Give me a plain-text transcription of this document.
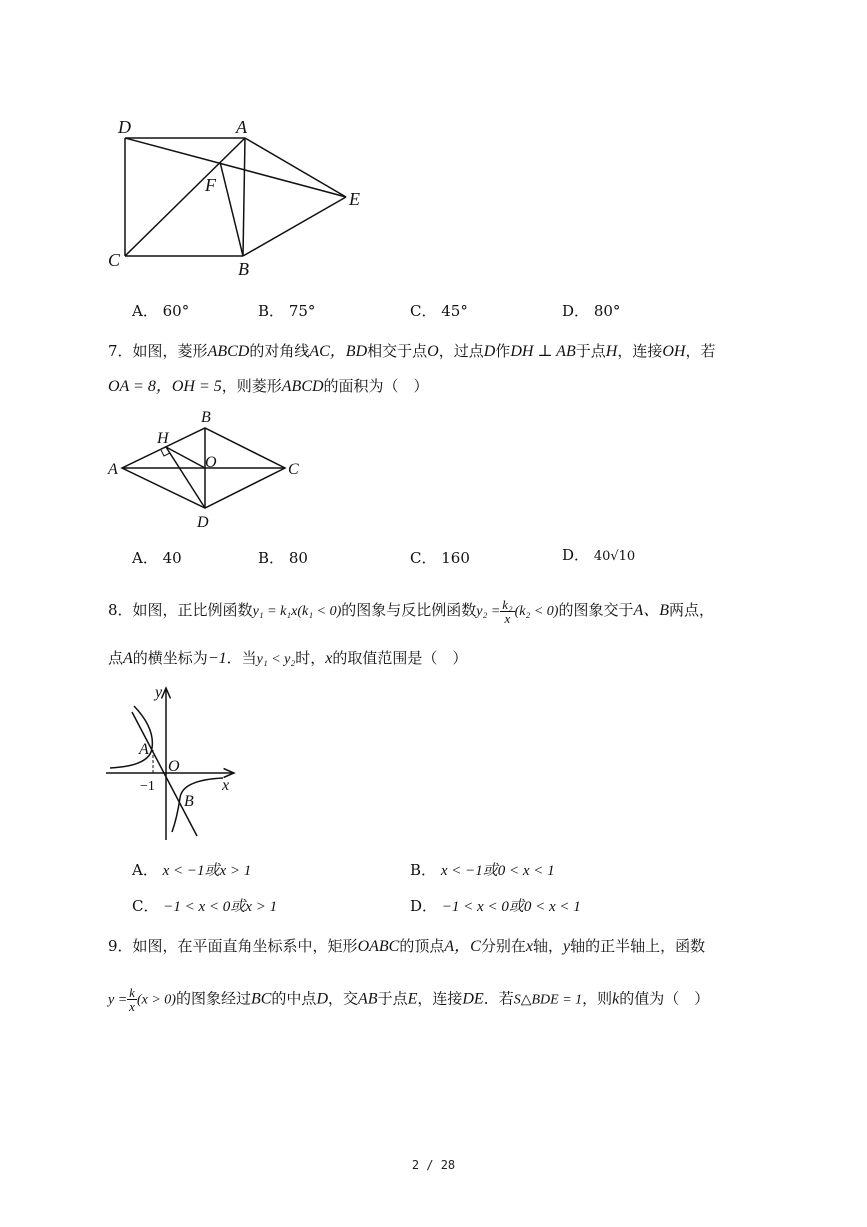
D	A
F
E
C	B
A． 60°	B． 75°	C． 45°	D． 80°
7．如图，菱形ABCD的对角线AC，BD相交于点O，过点D作DH ⊥ AB于点H，连接OH，若
OA = 8，OH = 5，则菱形ABCD的面积为（　）
B
H
O
A	C
D
A． 40	B． 80	C． 160	D． 40√10
8．如图，正比例函数y₁ = k₁x(k₁ < 0)的图象与反比例函数$y_2 = \frac{\text{k₂}}{x} (k_2 < 0)$的图象交于A、B两点，
点A的横坐标为−1．当y₁ < y₂时，x的取值范围是（　）
y
A
O
−1	x
B
A． x < −1或x > 1	B． x < −1或0 < x < 1
C． −1 < x < 0或x > 1	D． −1 < x < 0或0 < x < 1
9．如图，在平面直角坐标系中，矩形OABC的顶点A，C分别在x轴，y轴的正半轴上，函数
$y = \frac{k}{x} (x > 0)$的图象经过BC的中点D，交AB于点E，连接DE．若S△BDE = 1，则k的值为（　）
2 / 28
